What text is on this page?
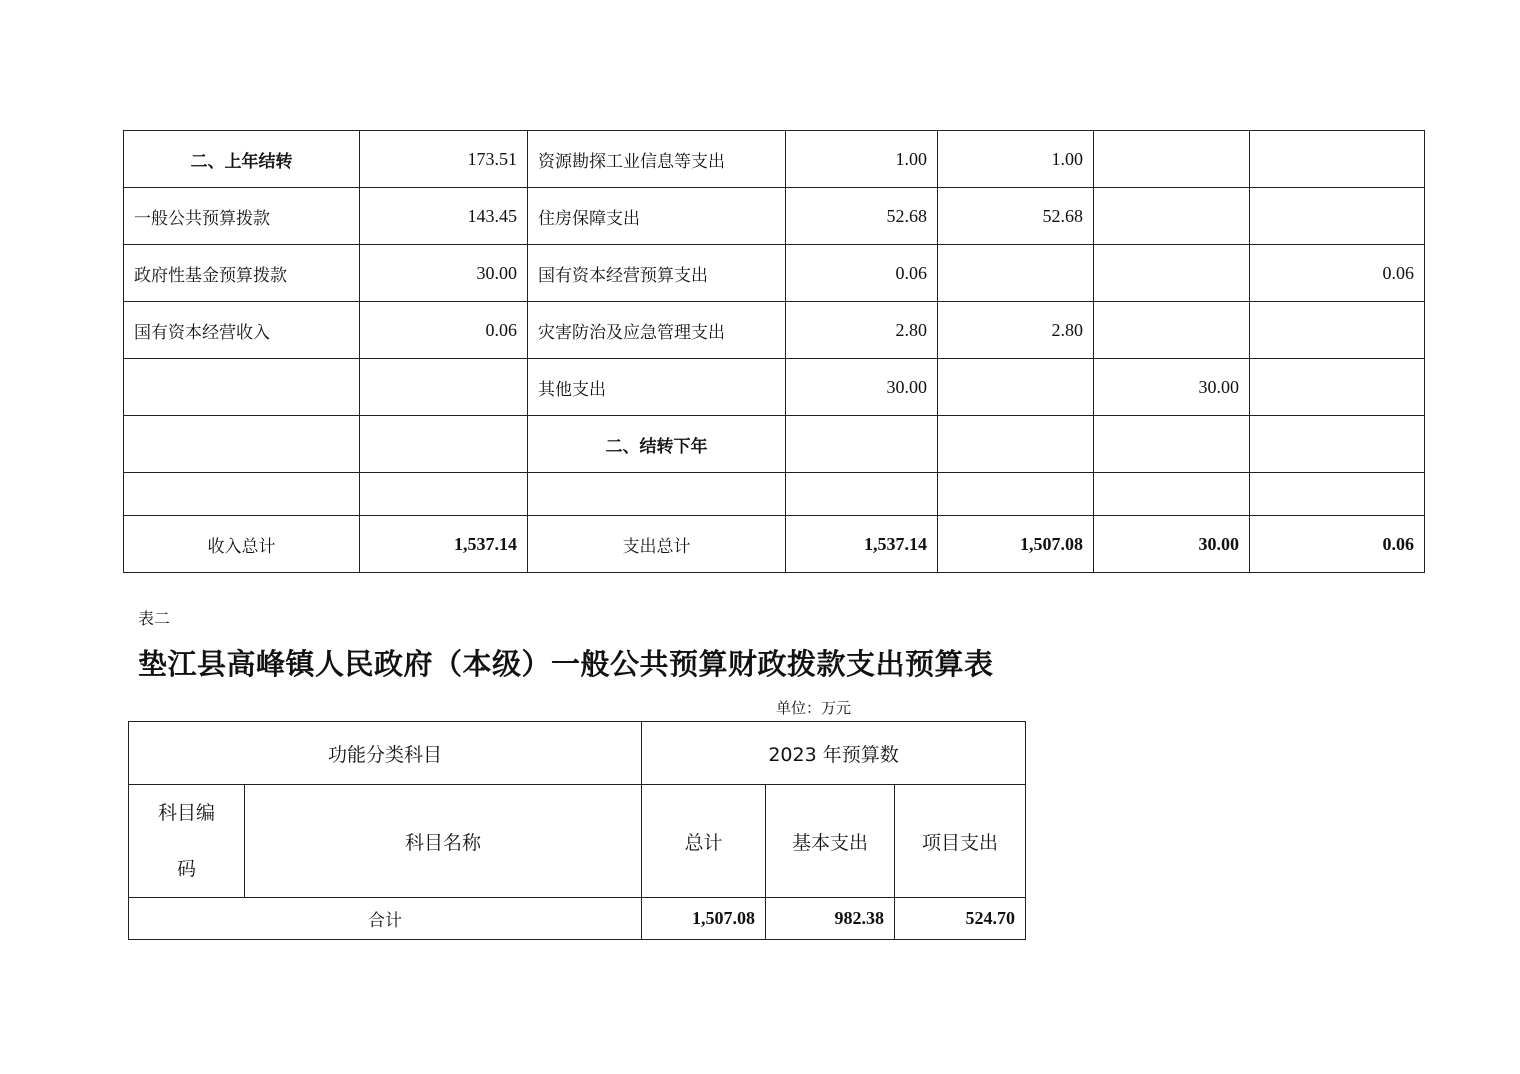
二、上年结转	173.51	资源勘探工业信息等支出	1.00	1.00		
一般公共预算拨款	143.45	住房保障支出	52.68	52.68		
政府性基金预算拨款	30.00	国有资本经营预算支出	0.06			0.06
国有资本经营收入	0.06	灾害防治及应急管理支出	2.80	2.80		
		其他支出	30.00		30.00	
		二、结转下年				

收入总计	1,537.14	支出总计	1,537.14	1,507.08	30.00	0.06
表二
垫江县高峰镇人民政府（本级）一般公共预算财政拨款支出预算表
单位：万元
功能分类科目		2023 年预算数		

科目编
码	科目名称	总计	基本支出	项目支出
合计		1,507.08	982.38	524.70
